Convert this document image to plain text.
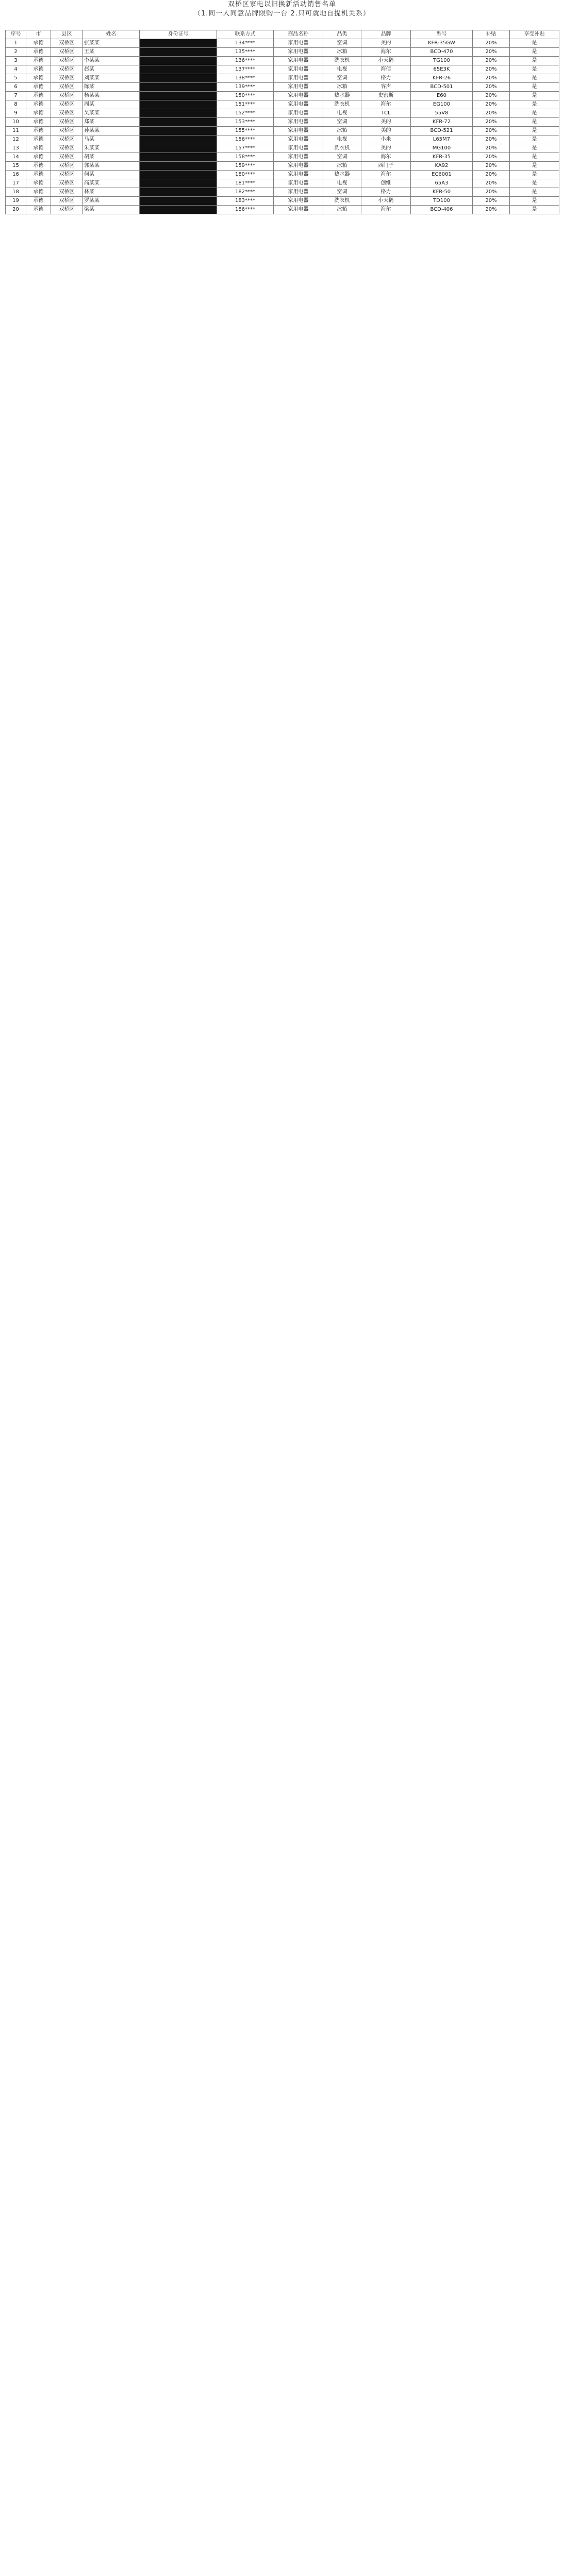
双桥区家电以旧换新活动销售名单
（1.同一人同意品牌限购一台 2.只可就地自提机关系）
序号	市	县区	姓名	身份证号	联系方式	商品名称	品类	品牌	型号	补贴	享受补贴
1	承德	双桥区	张某某		134****	家用电器	空调	美的	KFR-35GW	20%	是
2	承德	双桥区	王某		135****	家用电器	冰箱	海尔	BCD-470	20%	是
3	承德	双桥区	李某某		136****	家用电器	洗衣机	小天鹅	TG100	20%	是
4	承德	双桥区	赵某		137****	家用电器	电视	海信	65E3K	20%	是
5	承德	双桥区	刘某某		138****	家用电器	空调	格力	KFR-26	20%	是
6	承德	双桥区	陈某		139****	家用电器	冰箱	容声	BCD-501	20%	是
7	承德	双桥区	杨某某		150****	家用电器	热水器	史密斯	E60	20%	是
8	承德	双桥区	周某		151****	家用电器	洗衣机	海尔	EG100	20%	是
9	承德	双桥区	吴某某		152****	家用电器	电视	TCL	55V8	20%	是
10	承德	双桥区	郑某		153****	家用电器	空调	美的	KFR-72	20%	是
11	承德	双桥区	孙某某		155****	家用电器	冰箱	美的	BCD-521	20%	是
12	承德	双桥区	马某		156****	家用电器	电视	小米	L65M7	20%	是
13	承德	双桥区	朱某某		157****	家用电器	洗衣机	美的	MG100	20%	是
14	承德	双桥区	胡某		158****	家用电器	空调	海尔	KFR-35	20%	是
15	承德	双桥区	郭某某		159****	家用电器	冰箱	西门子	KA92	20%	是
16	承德	双桥区	何某		180****	家用电器	热水器	海尔	EC6001	20%	是
17	承德	双桥区	高某某		181****	家用电器	电视	创维	65A3	20%	是
18	承德	双桥区	林某		182****	家用电器	空调	格力	KFR-50	20%	是
19	承德	双桥区	罗某某		183****	家用电器	洗衣机	小天鹅	TD100	20%	是
20	承德	双桥区	梁某		186****	家用电器	冰箱	海尔	BCD-406	20%	是
